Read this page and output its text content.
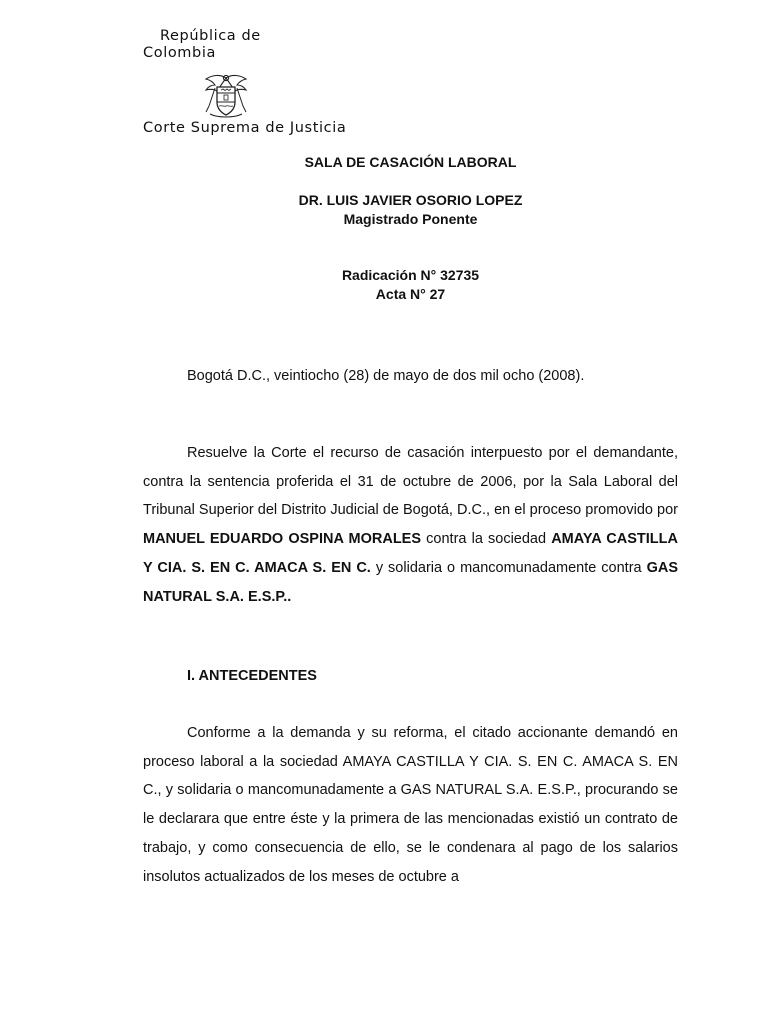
República de
Colombia
Corte Suprema de Justicia
SALA DE CASACIÓN LABORAL
DR. LUIS JAVIER OSORIO LOPEZ
Magistrado Ponente
Radicación N° 32735
Acta N° 27
Bogotá D.C., veintiocho (28) de mayo de dos mil ocho (2008).

Resuelve la Corte el recurso de casación interpuesto por el demandante, contra la sentencia proferida el 31 de octubre de 2006, por la Sala Laboral del Tribunal Superior del Distrito Judicial de Bogotá, D.C., en el proceso promovido por MANUEL EDUARDO OSPINA MORALES contra la sociedad AMAYA CASTILLA Y CIA. S. EN C. AMACA S. EN C. y solidaria o mancomunadamente contra GAS NATURAL S.A. E.S.P..

I. ANTECEDENTES

Conforme a la demanda y su reforma, el citado accionante demandó en proceso laboral a la sociedad AMAYA CASTILLA Y CIA. S. EN C. AMACA S. EN C., y solidaria o mancomunadamente a GAS NATURAL S.A. E.S.P., procurando se le declarara que entre éste y la primera de las mencionadas existió un contrato de trabajo, y como consecuencia de ello, se le condenara al pago de los salarios insolutos actualizados de los meses de octubre a
